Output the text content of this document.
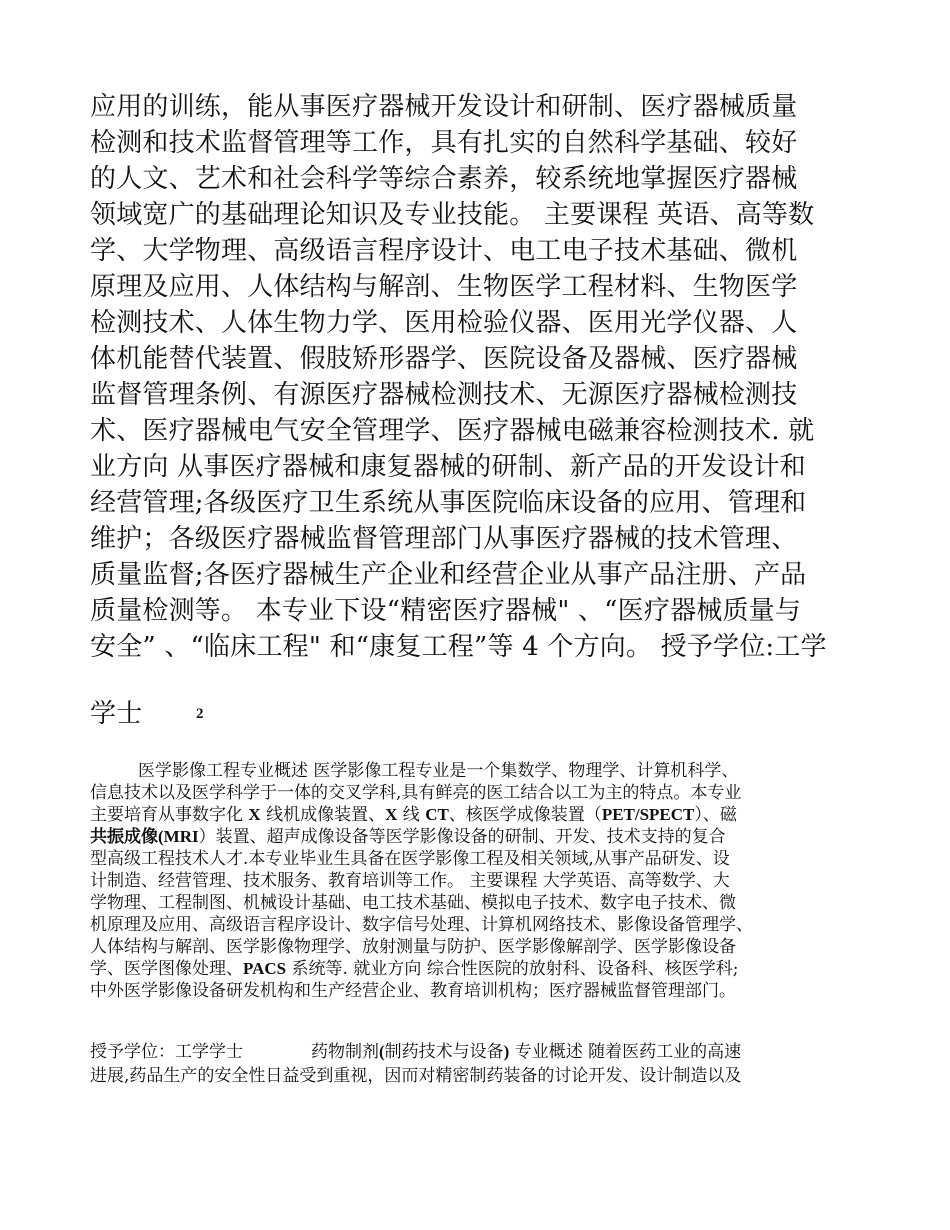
应用的训练，能从事医疗器械开发设计和研制、医疗器械质量
检测和技术监督管理等工作，具有扎实的自然科学基础、较好
的人文、艺术和社会科学等综合素养，较系统地掌握医疗器械
领域宽广的基础理论知识及专业技能。 主要课程 英语、高等数
学、大学物理、高级语言程序设计、电工电子技术基础、微机
原理及应用、人体结构与解剖、生物医学工程材料、生物医学
检测技术、人体生物力学、医用检验仪器、医用光学仪器、人
体机能替代装置、假肢矫形器学、医院设备及器械、医疗器械
监督管理条例、有源医疗器械检测技术、无源医疗器械检测技
术、医疗器械电气安全管理学、医疗器械电磁兼容检测技术. 就
业方向 从事医疗器械和康复器械的研制、新产品的开发设计和
经营管理;各级医疗卫生系统从事医院临床设备的应用、管理和
维护；各级医疗器械监督管理部门从事医疗器械的技术管理、
质量监督;各医疗器械生产企业和经营企业从事产品注册、产品
质量检测等。 本专业下设“精密医疗器械" 、“医疗器械质量与
安全” 、“临床工程" 和“康复工程”等 4 个方向。 授予学位:工学
学士	2
医学影像工程专业概述 医学影像工程专业是一个集数学、物理学、计算机科学、
信息技术以及医学科学于一体的交叉学科,具有鲜亮的医工结合以工为主的特点。本专业
主要培育从事数字化 X 线机成像装置、X 线 CT、核医学成像装置（PET/SPECT）、磁
共振成像(MRI）装置、超声成像设备等医学影像设备的研制、开发、技术支持的复合
型高级工程技术人才.本专业毕业生具备在医学影像工程及相关领域,从事产品研发、设
计制造、经营管理、技术服务、教育培训等工作。 主要课程 大学英语、高等数学、大
学物理、工程制图、机械设计基础、电工技术基础、模拟电子技术、数字电子技术、微
机原理及应用、高级语言程序设计、数字信号处理、计算机网络技术、影像设备管理学、
人体结构与解剖、医学影像物理学、放射测量与防护、医学影像解剖学、医学影像设备
学、医学图像处理、PACS 系统等. 就业方向 综合性医院的放射科、设备科、核医学科;
中外医学影像设备研发机构和生产经营企业、教育培训机构；医疗器械监督管理部门。
授予学位：工学学士	药物制剂(制药技术与设备) 专业概述 随着医药工业的高速
进展,药品生产的安全性日益受到重视，因而对精密制药装备的讨论开发、设计制造以及
